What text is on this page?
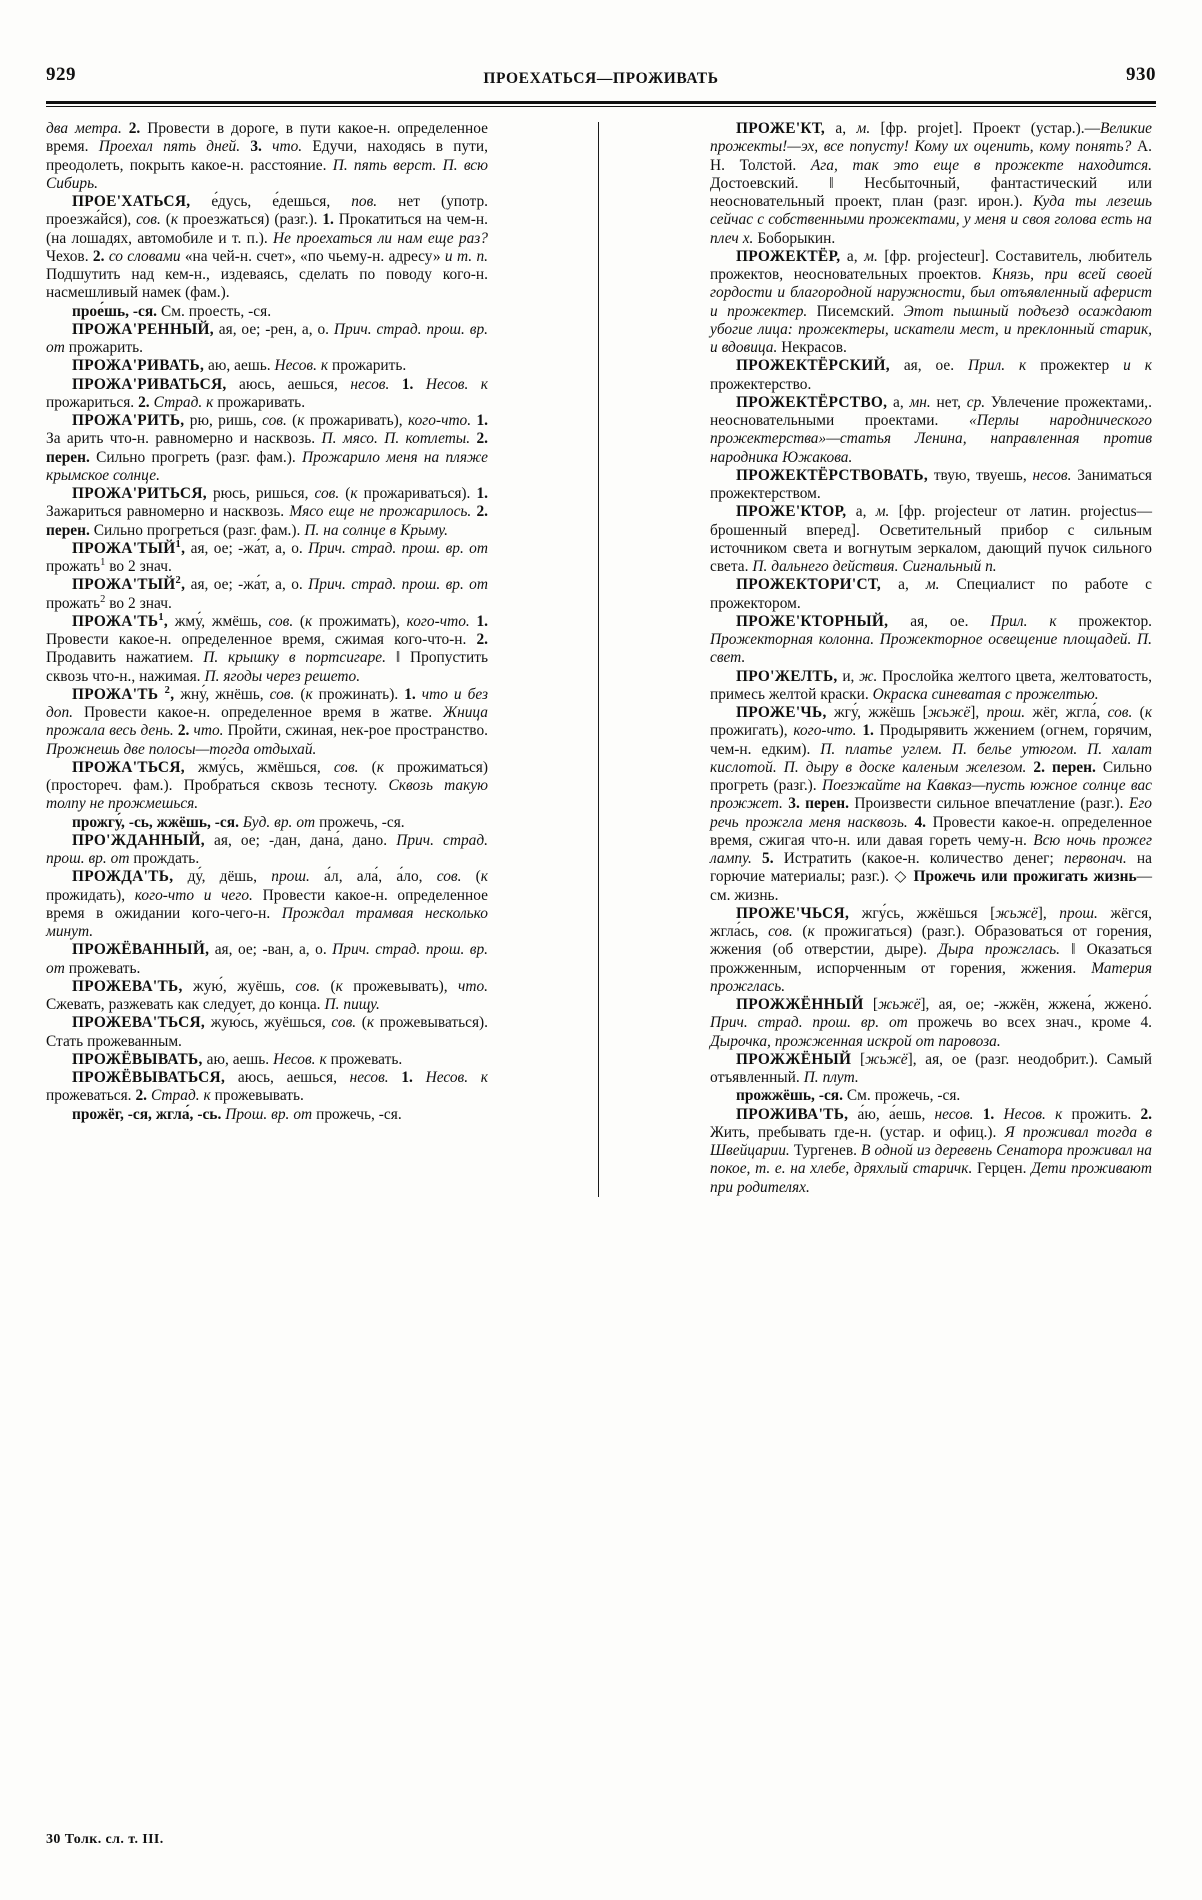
929	ПРОЕХАТЬСЯ—ПРОЖИВАТЬ	930

два метра. 2. Провести в дороге, в пути какое-н. определенное время. Проехал пять дней. 3. что. Едучи, находясь в пути, преодолеть, покрыть какое-н. расстояние. П. пять верст. П. всю Сибирь.

ПРОЕ'ХАТЬСЯ, е́дусь, е́дешься, пов. нет (употр. проезжа́йся), сов. (к проезжаться) (разг.). 1. Прокатиться на чем-н. (на лошадях, автомобиле и т. п.). Не проехаться ли нам еще раз? Чехов. 2. со словами «на чей-н. счет», «по чьему-н. адресу» и т. п. Подшутить над кем-н., издеваясь, сделать по поводу кого-н. насмешливый намек (фам.).

прое́шь, -ся. См. проесть, -ся.

ПРОЖА'РЕННЫЙ, ая, ое; -рен, а, о. Прич. страд. прош. вр. от прожарить.

ПРОЖА'РИВАТЬ, аю, аешь. Несов. к прожарить.

ПРОЖА'РИВАТЬСЯ, аюсь, аешься, несов. 1. Несов. к прожариться. 2. Страд. к прожаривать.

ПРОЖА'РИТЬ, рю, ришь, сов. (к прожаривать), кого-что. 1. За арить что-н. равномерно и насквозь. П. мясо. П. котлеты. 2. перен. Сильно прогреть (разг. фам.). Прожарило меня на пляже крымское солнце.

ПРОЖА'РИТЬСЯ, рюсь, ришься, сов. (к прожариваться). 1. Зажариться равномерно и насквозь. Мясо еще не прожарилось. 2. перен. Сильно прогреться (разг. фам.). П. на солнце в Крыму.

ПРОЖА'ТЫЙ$^1$, ая, ое; -жа́т, а, о. Прич. страд. прош. вр. от прожать$^1$ во 2 знач.

ПРОЖА'ТЫЙ$^2$, ая, ое; -жа́т, а, о. Прич. страд. прош. вр. от прожать$^2$ во 2 знач.

$ПРОЖА'ТЬ^1$, жму́, жмёшь, сов. (к прожимать), кого-что. 1. Провести какое-н. определенное время, сжимая кого-что-н. 2. Продавить нажатием. П. крышку в портсигаре. ‖ Пропустить сквозь что-н., нажимая. П. ягоды через решето.

ПРОЖА'ТЬ $^2$, жну́, жнёшь, сов. (к прожинать). 1. что и без доп. Провести какое-н. определенное время в жатве. Жница прожала весь день. 2. что. Пройти, сжиная, нек-рое пространство. Прожнешь две полосы—тогда отдыхай.

ПРОЖА'ТЬСЯ, жму́сь, жмёшься, сов. (к прожиматься) (простореч. фам.). Пробраться сквозь тесноту. Сквозь такую толпу не прожмешься.

прожгу́, -сь, жжёшь, -ся. Буд. вр. от прожечь, -ся.

ПРО'ЖДАННЫЙ, ая, ое; -дан, дана́, дано. Прич. страд. прош. вр. от прождать.

ПРОЖДА'ТЬ, ду́, дёшь, прош. а́л, ала́, а́ло, сов. (к прожидать), кого-что и чего. Провести какое-н. определенное время в ожидании кого-чего-н. Прождал трамвая несколько минут.

ПРОЖЁВАННЫЙ, ая, ое; -ван, а, о. Прич. страд. прош. вр. от прожевать.

ПРОЖЕВА'ТЬ, жую́, жуёшь, сов. (к прожевывать), что. Сжевать, разжевать как следует, до конца. П. пищу.

ПРОЖЕВА'ТЬСЯ, жую́сь, жуёшься, сов. (к прожевываться). Стать прожеванным.

ПРОЖЁВЫВАТЬ, аю, аешь. Несов. к прожевать.

ПРОЖЁВЫВАТЬСЯ, аюсь, аешься, несов. 1. Несов. к прожеваться. 2. Страд. к прожевывать.

прожёг, -ся, жгла́, -сь. Прош. вр. от прожечь, -ся.

ПРОЖЕ'КТ, а, м. [фр. projet]. Проект (устар.).—Великие прожекты!—эх, все попусту! Кому их оценить, кому понять? А. Н. Толстой. Ага, так это еще в прожекте находится. Достоевский. ‖ Несбыточный, фантастический или неосновательный проект, план (разг. ирон.). Куда ты лезешь сейчас с собственными прожектами, у меня и своя голова есть на плеч х. Боборыкин.

ПРОЖЕКТЁР, а, м. [фр. projecteur]. Составитель, любитель прожектов, неосновательных проектов. Князь, при всей своей гордости и благородной наружности, был отъявленный аферист и прожектер. Писемский. Этот пышный подъезд осаждают убогие лица: прожектеры, искатели мест, и преклонный старик, и вдовица. Некрасов.

ПРОЖЕКТЁРСКИЙ, ая, ое. Прил. к прожектер и к прожектерство.

ПРОЖЕКТЁРСТВО, а, мн. нет, ср. Увлечение прожектами,. неосновательными проектами. «Перлы народнического прожектерства»—статья Ленина, направленная против народника Южакова.

ПРОЖЕКТЁРСТВОВАТЬ, твую, твуешь, несов. Заниматься прожектерством.

ПРОЖЕ'КТОР, а, м. [фр. projecteur от латин. projectus—брошенный вперед]. Осветительный прибор с сильным источником света и вогнутым зеркалом, дающий пучок сильного света. П. дальнего действия. Сигнальный п.

ПРОЖЕКТОРИ'СТ, а, м. Специалист по работе с прожектором.

ПРОЖЕ'КТОРНЫЙ, ая, ое. Прил. к прожектор. Прожекторная колонна. Прожекторное освещение площадей. П. свет.

ПРО'ЖЕЛТЬ, и, ж. Прослойка желтого цвета, желтоватость, примесь желтой краски. Окраска синеватая с прожелтью.

ПРОЖЕ'ЧЬ, жгу́, жжёшь [жьжё], прош. жёг, жгла́, сов. (к прожигать), кого-что. 1. Продырявить жжением (огнем, горячим, чем-н. едким). П. платье углем. П. белье утюгом. П. халат кислотой. П. дыру в доске каленым железом. 2. перен. Сильно прогреть (разг.). Поезжайте на Кавказ—пусть южное солнце вас прожжет. 3. перен. Произвести сильное впечатление (разг.). Его речь прожгла меня насквозь. 4. Провести какое-н. определенное время, сжигая что-н. или давая гореть чему-н. Всю ночь прожег лампу. 5. Истратить (какое-н. количество денег; первонач. на горючие материалы; разг.). ◇ Прожечь или прожигать жизнь—см. жизнь.

ПРОЖЕ'ЧЬСЯ, жгу́сь, жжёшься [жьжё], прош. жёгся, жгла́сь, сов. (к прожигаться) (разг.). Образоваться от горения, жжения (об отверстии, дыре). Дыра прожглась. ‖ Оказаться прожженным, испорченным от горения, жжения. Материя прожглась.

ПРОЖЖЁННЫЙ [жьжё], ая, ое; -жжён, жжена́, жжено́. Прич. страд. прош. вр. от прожечь во всех знач., кроме 4. Дырочка, прожженная искрой от паровоза.

ПРОЖЖЁНЫЙ [жьжё], ая, ое (разг. неодобрит.). Самый отъявленный. П. плут.

прожжёшь, -ся. См. прожечь, -ся.

ПРОЖИВА'ТЬ, а́ю, а́ешь, несов. 1. Несов. к прожить. 2. Жить, пребывать где-н. (устар. и офиц.). Я проживал тогда в Швейцарии. Тургенев. В одной из деревень Сенатора проживал на покое, т. е. на хлебе, дряхлый старичк. Герцен. Дети проживают при родителях.

30 Толк. сл. т. III.
